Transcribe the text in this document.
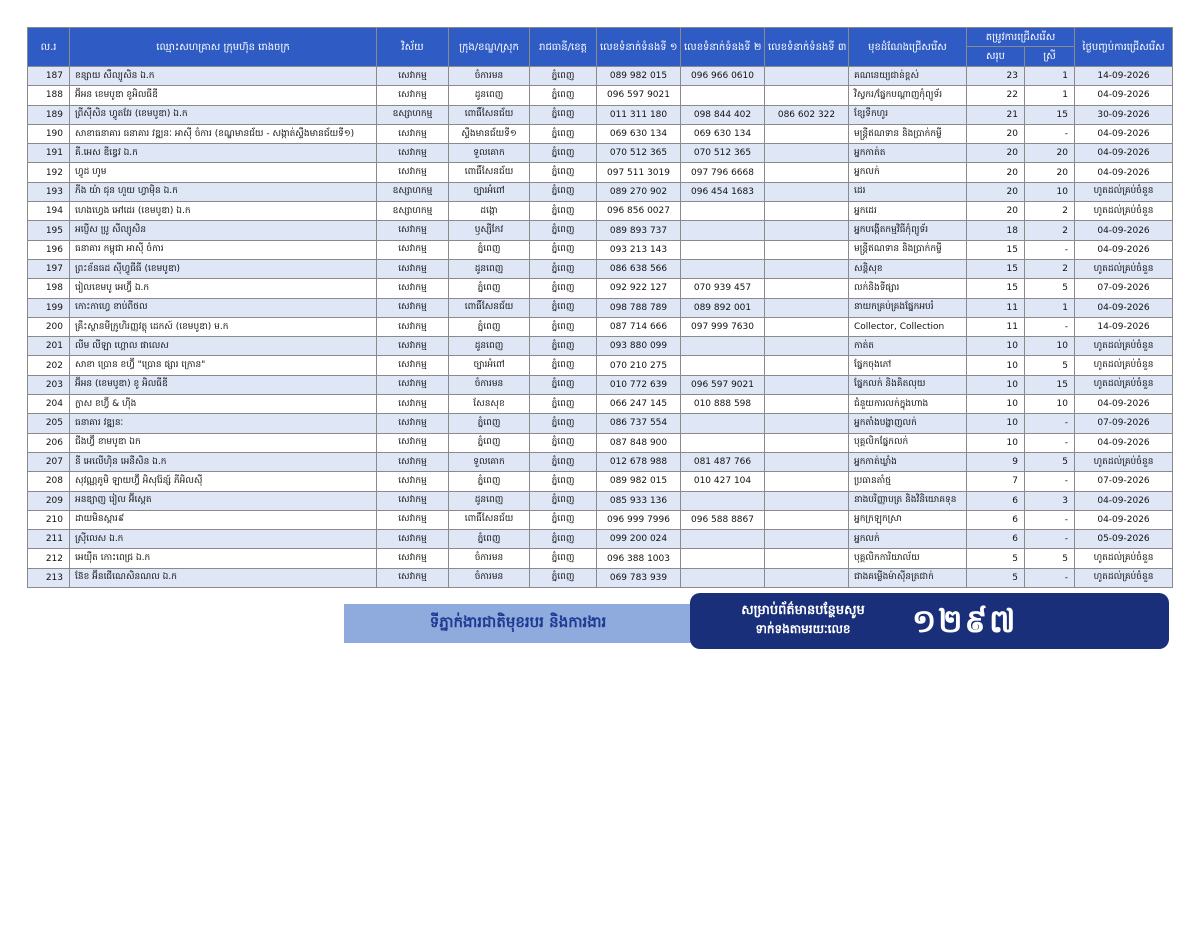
ល.រ	ឈ្មោះសហគ្រាស ក្រុមហ៊ុន រោងចក្រ	វិស័យ	ក្រុង/ខណ្ឌ/ស្រុក	រាជធានី/ខេត្ត	លេខទំនាក់ទំនងទី ១	លេខទំនាក់ទំនងទី ២	លេខទំនាក់ទំនងទី ៣	មុខដំណែងជ្រើសរើស	តម្រូវការជ្រើសរើស		ថ្ងៃបញ្ចប់ការជ្រើសរើស
									សរុប	ស្រី	
187	ខន្សាយ សឺល្យូសិន ឯ.ក	សេវាកម្ម	ចំការមន	ភ្នំពេញ	089 982 015	096 966 0610		គណនេយ្យជាន់ខ្ពស់	23	1	14-09-2026
188	អ៊ីអន ខេមបូឌា ខូអិលធីឌី	សេវាកម្ម	ដូនពេញ	ភ្នំពេញ	096 597 9021			វិស្វករ/ផ្នែកបណ្ដាញកុំព្យូទ័រ	22	1	04-09-2026
189	ព្រីស៊ីសិន ហ្វូតវែរ (ខេមបូឌា) ឯ.ក	ឧស្សាហកម្ម	ពោធិ៍សែនជ័យ	ភ្នំពេញ	011 311 180	098 844 402	086 602 322	ខ្សែទឹកហូរ	21	15	30-09-2026
190	សាខាធនាគារ ធនាគារ វឌ្ឍនៈ អាស៊ី ចំការ (ខណ្ឌមានជ័យ - សង្កាត់ស្ទឹងមានជ័យទី១)	សេវាកម្ម	ស្ទឹងមានជ័យទី១	ភ្នំពេញ	069 630 134	069 630 134		មន្ត្រីឥណទាន និងប្រាក់កម្ចី	20	-	04-09-2026
191	គី.អេស ឌីឌ្វេវ ឯ.ក	សេវាកម្ម	ទួលគោក	ភ្នំពេញ	070 512 365	070 512 365		អ្នកកាត់ត	20	20	04-09-2026
192	ហ្វូដ ហូម	សេវាកម្ម	ពោធិ៍សែនជ័យ	ភ្នំពេញ	097 511 3019	097 796 6668		អ្នកលក់	20	20	04-09-2026
193	ភីង យ៉ា ជុន ហួយ ហ្វាម៉ិន ឯ.ក	ឧស្សាហកម្ម	ច្បារអំពៅ	ភ្នំពេញ	089 270 902	096 454 1683		ដេរ	20	10	ហូតដល់គ្រប់ចំនួន
194	ហេងហ្វេង អៅដេរ (ខេមបូឌា) ឯ.ក	ឧស្សាហកម្ម	ដង្កោ	ភ្នំពេញ	096 856 0027			អ្នកដេរ	20	2	ហូតដល់គ្រប់ចំនួន
195	អប្ញើស ប្រូ សឺល្យូសិន	សេវាកម្ម	ឫស្សីកែវ	ភ្នំពេញ	089 893 737			អ្នកបង្កើតកម្មវិធីកុំព្យូទ័រ	18	2	04-09-2026
196	ធនាគារ កម្ពុជា អាស៊ី ចំការ	សេវាកម្ម	ភ្នំពេញ	ភ្នំពេញ	093 213 143			មន្ត្រីឥណទាន និងប្រាក់កម្ចី	15	-	04-09-2026
197	ព្រះខ័នធដ ស៊ីហ្វូធីធី (ខេមបូឌា)	សេវាកម្ម	ដូនពេញ	ភ្នំពេញ	086 638 566			សន្តិសុខ	15	2	ហូតដល់គ្រប់ចំនួន
198	រៀលខេមបូ អេហ្វ៊ី ឯ.ក	សេវាកម្ម	ភ្នំពេញ	ភ្នំពេញ	092 922 127	070 939 457		លក់និងទីផ្សារ	15	5	07-09-2026
199	កោះកាហ្វេ ខាប់ពីថល	សេវាកម្ម	ពោធិ៍សែនជ័យ	ភ្នំពេញ	098 788 789	089 892 001		នាយកគ្រប់គ្រងផ្នែកអបរំ	11	1	04-09-2026
200	គ្រឹះស្ថានមីក្រូហិរញ្ញវត្ថុ ដេកស៍ (ខេមបូឌា) ម.ក	សេវាកម្ម	ភ្នំពេញ	ភ្នំពេញ	087 714 666	097 999 7630		Collector, Collection	11	-	14-09-2026
201	លីម លីឡា ហ្គោល ផាលេស	សេវាកម្ម	ដូនពេញ	ភ្នំពេញ	093 880 099			កាត់ត	10	10	ហូតដល់គ្រប់ចំនួន
202	សាខា ប្រោន ខហ្វ៊ី "ប្រោន ផ្សារ ក្រោន"	សេវាកម្ម	ច្បារអំពៅ	ភ្នំពេញ	070 210 275			ផ្នែកចុងភៅ	10	5	ហូតដល់គ្រប់ចំនួន
203	អ៊ីអន (ខេមបូឌា) ខូ អិលធីឌី	សេវាកម្ម	ចំការមន	ភ្នំពេញ	010 772 639	096 597 9021		ផ្នែកលក់ និងគិតលុយ	10	15	ហូតដល់គ្រប់ចំនួន
204	ក្លាស ខហ្វ៊ី & ហ៊ីង	សេវាកម្ម	សែនសុខ	ភ្នំពេញ	066 247 145	010 888 598		ជំនួយការលក់ក្នុងហាង	10	10	04-09-2026
205	ធនាគារ វឌ្ឍនៈ	សេវាកម្ម	ភ្នំពេញ	ភ្នំពេញ	086 737 554			អ្នកតាំងបង្ហាញលក់	10	-	07-09-2026
206	ជីងហ្វ៊ី ខាមបូឌា ឯក	សេវាកម្ម	ភ្នំពេញ	ភ្នំពេញ	087 848 900			បុគ្គលិកផ្នែកលក់	10	-	04-09-2026
207	នី អេលើហ៊ិន អេនីសិន ឯ.ក	សេវាកម្ម	ទួលគោក	ភ្នំពេញ	012 678 988	081 487 766		អ្នកកាត់ឃ្លាំង	9	5	ហូតដល់គ្រប់ចំនួន
208	សុវណ្ណភូមិ ឡាយហ្វ៊ី អិសុរ៉ែន្ស៍ ភីអិលស៊ី	សេវាកម្ម	ភ្នំពេញ	ភ្នំពេញ	089 982 015	010 427 104		ប្រធានតាំថ្ម	7	-	07-09-2026
209	អនឌ្យាញ រៀល អ៊ីស្តេត	សេវាកម្ម	ដូនពេញ	ភ្នំពេញ	085 933 136			នាងបរិញ្ញាបត្រ និងវិនិយោគទុន	6	3	04-09-2026
210	ដាយមិនស្តារ៩	សេវាកម្ម	ពោធិ៍សែនជ័យ	ភ្នំពេញ	096 999 7996	096 588 8867		អ្នកក្រឡុកស្រា	6	-	04-09-2026
211	ស្រ៊ីលេស ឯ.ក	សេវាកម្ម	ភ្នំពេញ	ភ្នំពេញ	099 200 024			អ្នកលក់	6	-	05-09-2026
212	អេយ៉ឺត កោះពេជ្រ ឯ.ក	សេវាកម្ម	ចំការមន	ភ្នំពេញ	096 388 1003			បុគ្គលិកការិយាល័យ	5	5	ហូតដល់គ្រប់ចំនួន
213	ន៊ែខ អ៊ីនជើណេសិនណល ឯ.ក	សេវាកម្ម	ចំការមន	ភ្នំពេញ	069 783 939			ជាងគម្លើងម៉ាស៊ីនត្រជាក់	5	-	ហូតដល់គ្រប់ចំនួន
ទីភ្នាក់ងារជាតិមុខរបរ និងការងារ
សម្រាប់ព័ត៌មានបន្ថែមសូម
ទាក់ទងតាមរយៈលេខ	១២៩៧
